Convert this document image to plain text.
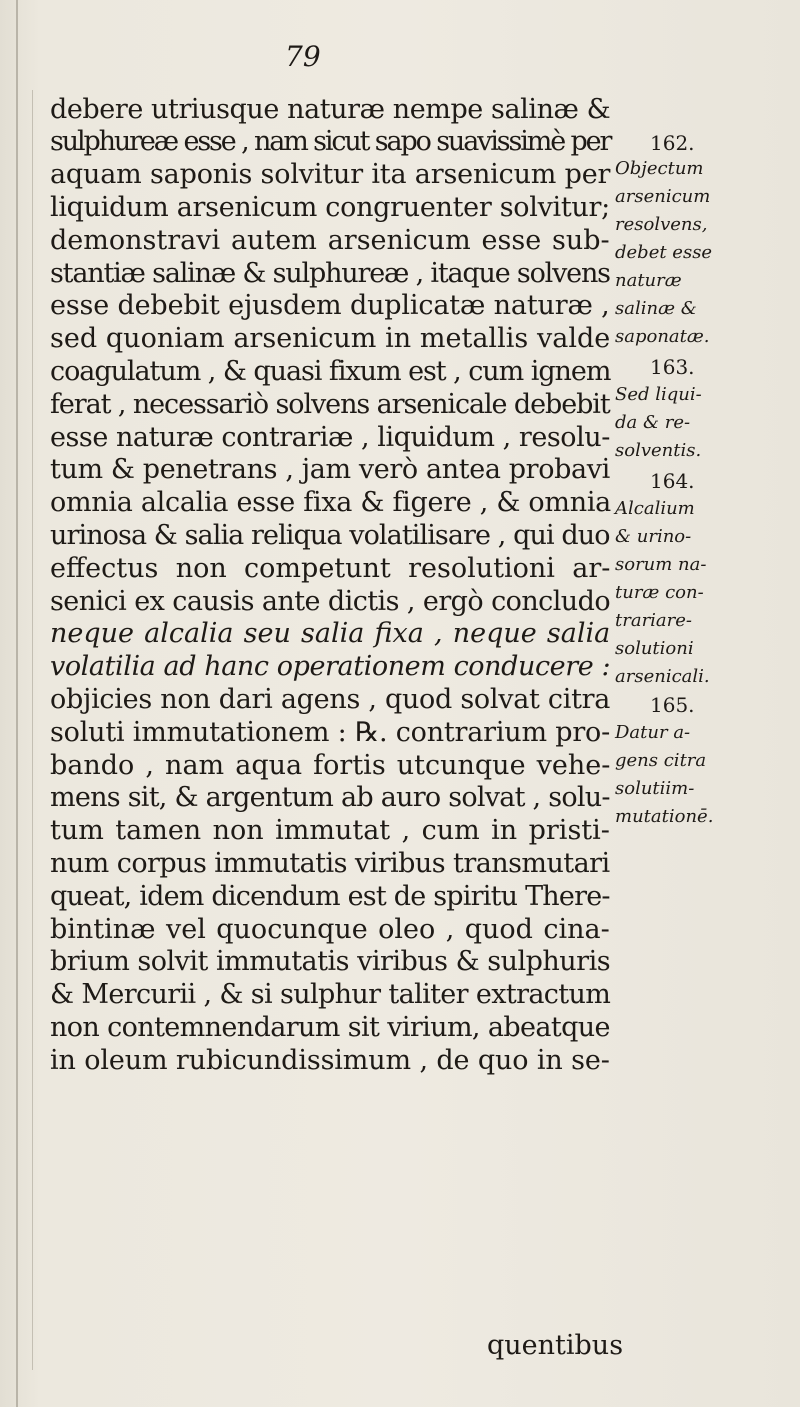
79
debere utriusque naturæ nempe salinæ &
sulphureæ esse , nam sicut sapo suavissimè per
aquam saponis solvitur ita arsenicum per
liquidum arsenicum congruenter solvitur;
demonstravi autem arsenicum esse sub-
stantiæ salinæ & sulphureæ , itaque solvens
esse debebit ejusdem duplicatæ naturæ ,
sed quoniam arsenicum in metallis valde
coagulatum , & quasi fixum est , cum ignem
ferat , necessariò solvens arsenicale debebit
esse naturæ contrariæ , liquidum , resolu-
tum & penetrans , jam verò antea probavi
omnia alcalia esse fixa & figere , & omnia
urinosa & salia reliqua volatilisare , qui duo
effectus non competunt resolutioni ar-
senici ex causis ante dictis , ergò concludo
neque alcalia seu salia fixa , neque salia
volatilia ad hanc operationem conducere :
objicies non dari agens , quod solvat citra
soluti immutationem : ℞. contrarium pro-
bando , nam aqua fortis utcunque vehe-
mens sit, & argentum ab auro solvat , solu-
tum tamen non immutat , cum in pristi-
num corpus immutatis viribus transmutari
queat, idem dicendum est de spiritu There-
bintinæ vel quocunque oleo , quod cina-
brium solvit immutatis viribus & sulphuris
& Mercurii , & si sulphur taliter extractum
non contemnendarum sit virium, abeatque
in oleum rubicundissimum , de quo in se-
quentibus
162.
Objectum
arsenicum
resolvens,
debet esse
naturæ
salinæ &
saponatæ.
163.
Sed liqui-
da & re-
solventis.
164.
Alcalium
& urino-
sorum na-
turæ con-
trariare-
solutioni
arsenicali.
165.
Datur a-
gens citra
solutiim-
mutationē.
